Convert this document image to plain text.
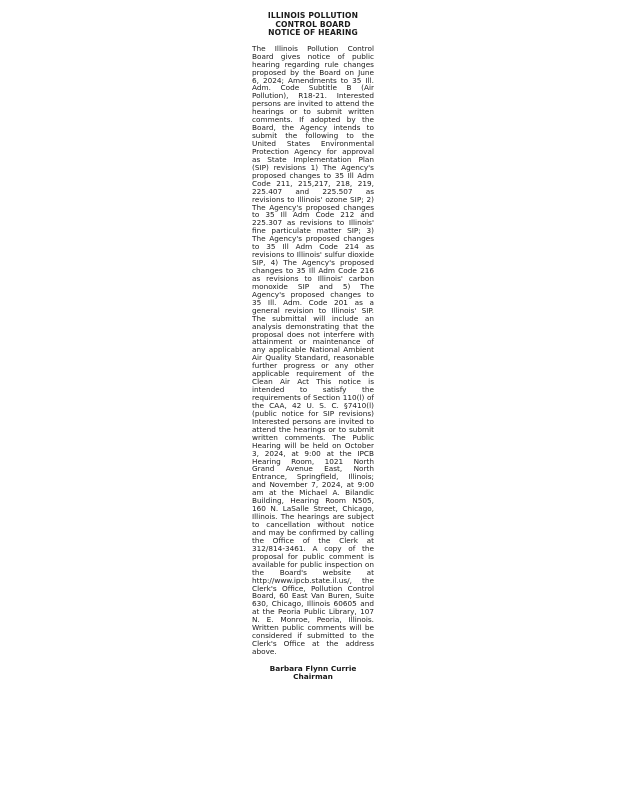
ILLINOIS POLLUTION
CONTROL BOARD
NOTICE OF HEARING
The Illinois Pollution Control Board gives notice of public hearing regarding rule changes proposed by the Board on June 6, 2024; Amendments to 35 Ill. Adm. Code Subtitle B (Air Pollution), R18-21. Interested persons are invited to attend the hearings or to submit written comments. If adopted by the Board, the Agency intends to submit the following to the United States Environmental Protection Agency for approval as State Implementation Plan (SIP) revisions 1) The Agency's proposed changes to 35 Ill Adm Code 211, 215,217, 218, 219, 225.407 and 225.507 as revisions to Illinois' ozone SIP; 2) The Agency's proposed changes to 35 Ill Adm Code 212 and 225.307 as revisions to Illinois' fine particulate matter SIP; 3) The Agency's proposed changes to 35 Ill Adm Code 214 as revisions to Illinois' sulfur dioxide SIP, 4) The Agency's proposed changes to 35 Ill Adm Code 216 as revisions to Illinois' carbon monoxide SIP and 5) The Agency's proposed changes to 35 Ill. Adm. Code 201 as a general revision to Illinois' SIP. The submittal will include an analysis demonstrating that the proposal does not interfere with attainment or maintenance of any applicable National Ambient Air Quality Standard, reasonable further progress or any other applicable requirement of the Clean Air Act This notice is intended to satisfy the requirements of Section 110(l) of the CAA, 42 U. S. C. §7410(l) (public notice for SIP revisions) Interested persons are invited to attend the hearings or to submit written comments. The Public Hearing will be held on October 3, 2024, at 9:00 at the IPCB Hearing Room, 1021 North Grand Avenue East, North Entrance, Springfield, Illinois; and November 7, 2024, at 9:00 am at the Michael A. Bilandic Building, Hearing Room N505, 160 N. LaSalle Street, Chicago, Illinois. The hearings are subject to cancellation without notice and may be confirmed by calling the Office of the Clerk at 312/814-3461. A copy of the proposal for public comment is available for public inspection on the Board's website at http://www.ipcb.state.il.us/, the Clerk's Office, Pollution Control Board, 60 East Van Buren, Suite 630, Chicago, Illinois 60605 and at the Peoria Public Library, 107 N. E. Monroe, Peoria, Illinois. Written public comments will be considered if submitted to the Clerk's Office at the address above.
Barbara Flynn Currie
Chairman
